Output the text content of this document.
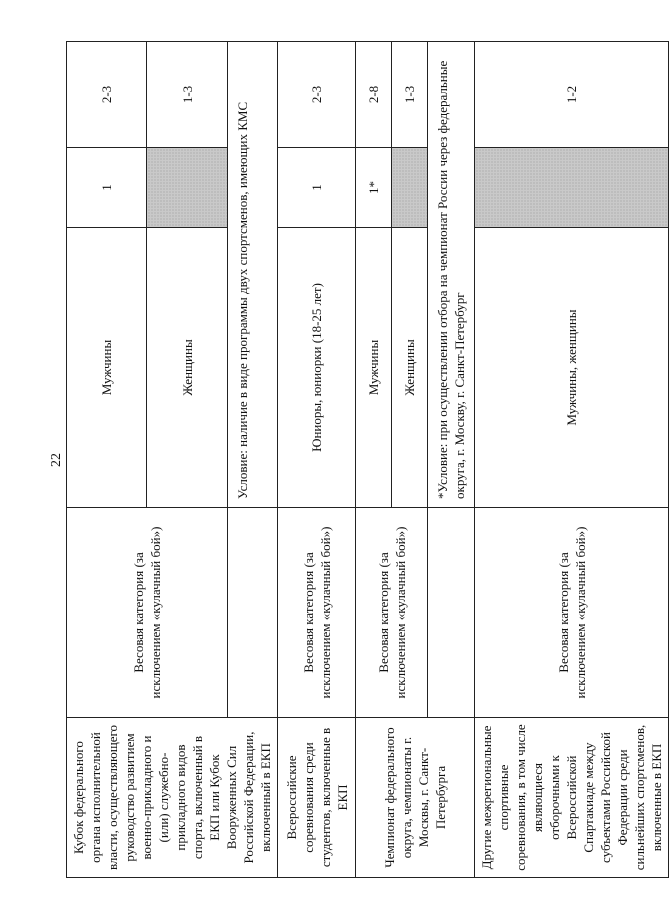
22
Кубок федерального органа исполнительной власти, осуществляющего руководство развитием военно-прикладного и (или) служебно-прикладного видов спорта, включенный в ЕКП или Кубок Вооруженных Сил Российской Федерации, включенный в ЕКП	Весовая категория (за исключением «кулачный бой»)	Мужчины	1	2-3
		Женщины		1-3
		Условие: наличие в виде программы двух спортсменов, имеющих КМС		
Всероссийские соревнования среди студентов, включенные в ЕКП	Весовая категория (за исключением «кулачный бой»)	Юниоры, юниорки (18-25 лет)	1	2-3
Чемпионат федерального округа, чемпионаты г. Москвы, г. Санкт-Петербурга	Весовая категория (за исключением «кулачный бой»)	Мужчины	1*	2-8
		Женщины		1-3
		*Условие: при осуществлении отбора на чемпионат России через федеральные округа, г. Москву, г. Санкт-Петербург		
Другие межрегиональные спортивные соревнования, в том числе являющиеся отборочными к Всероссийской Спартакиаде между субъектами Российской Федерации среди сильнейших спортсменов, включенные в ЕКП	Весовая категория (за исключением «кулачный бой»)	Мужчины, женщины		1-2
